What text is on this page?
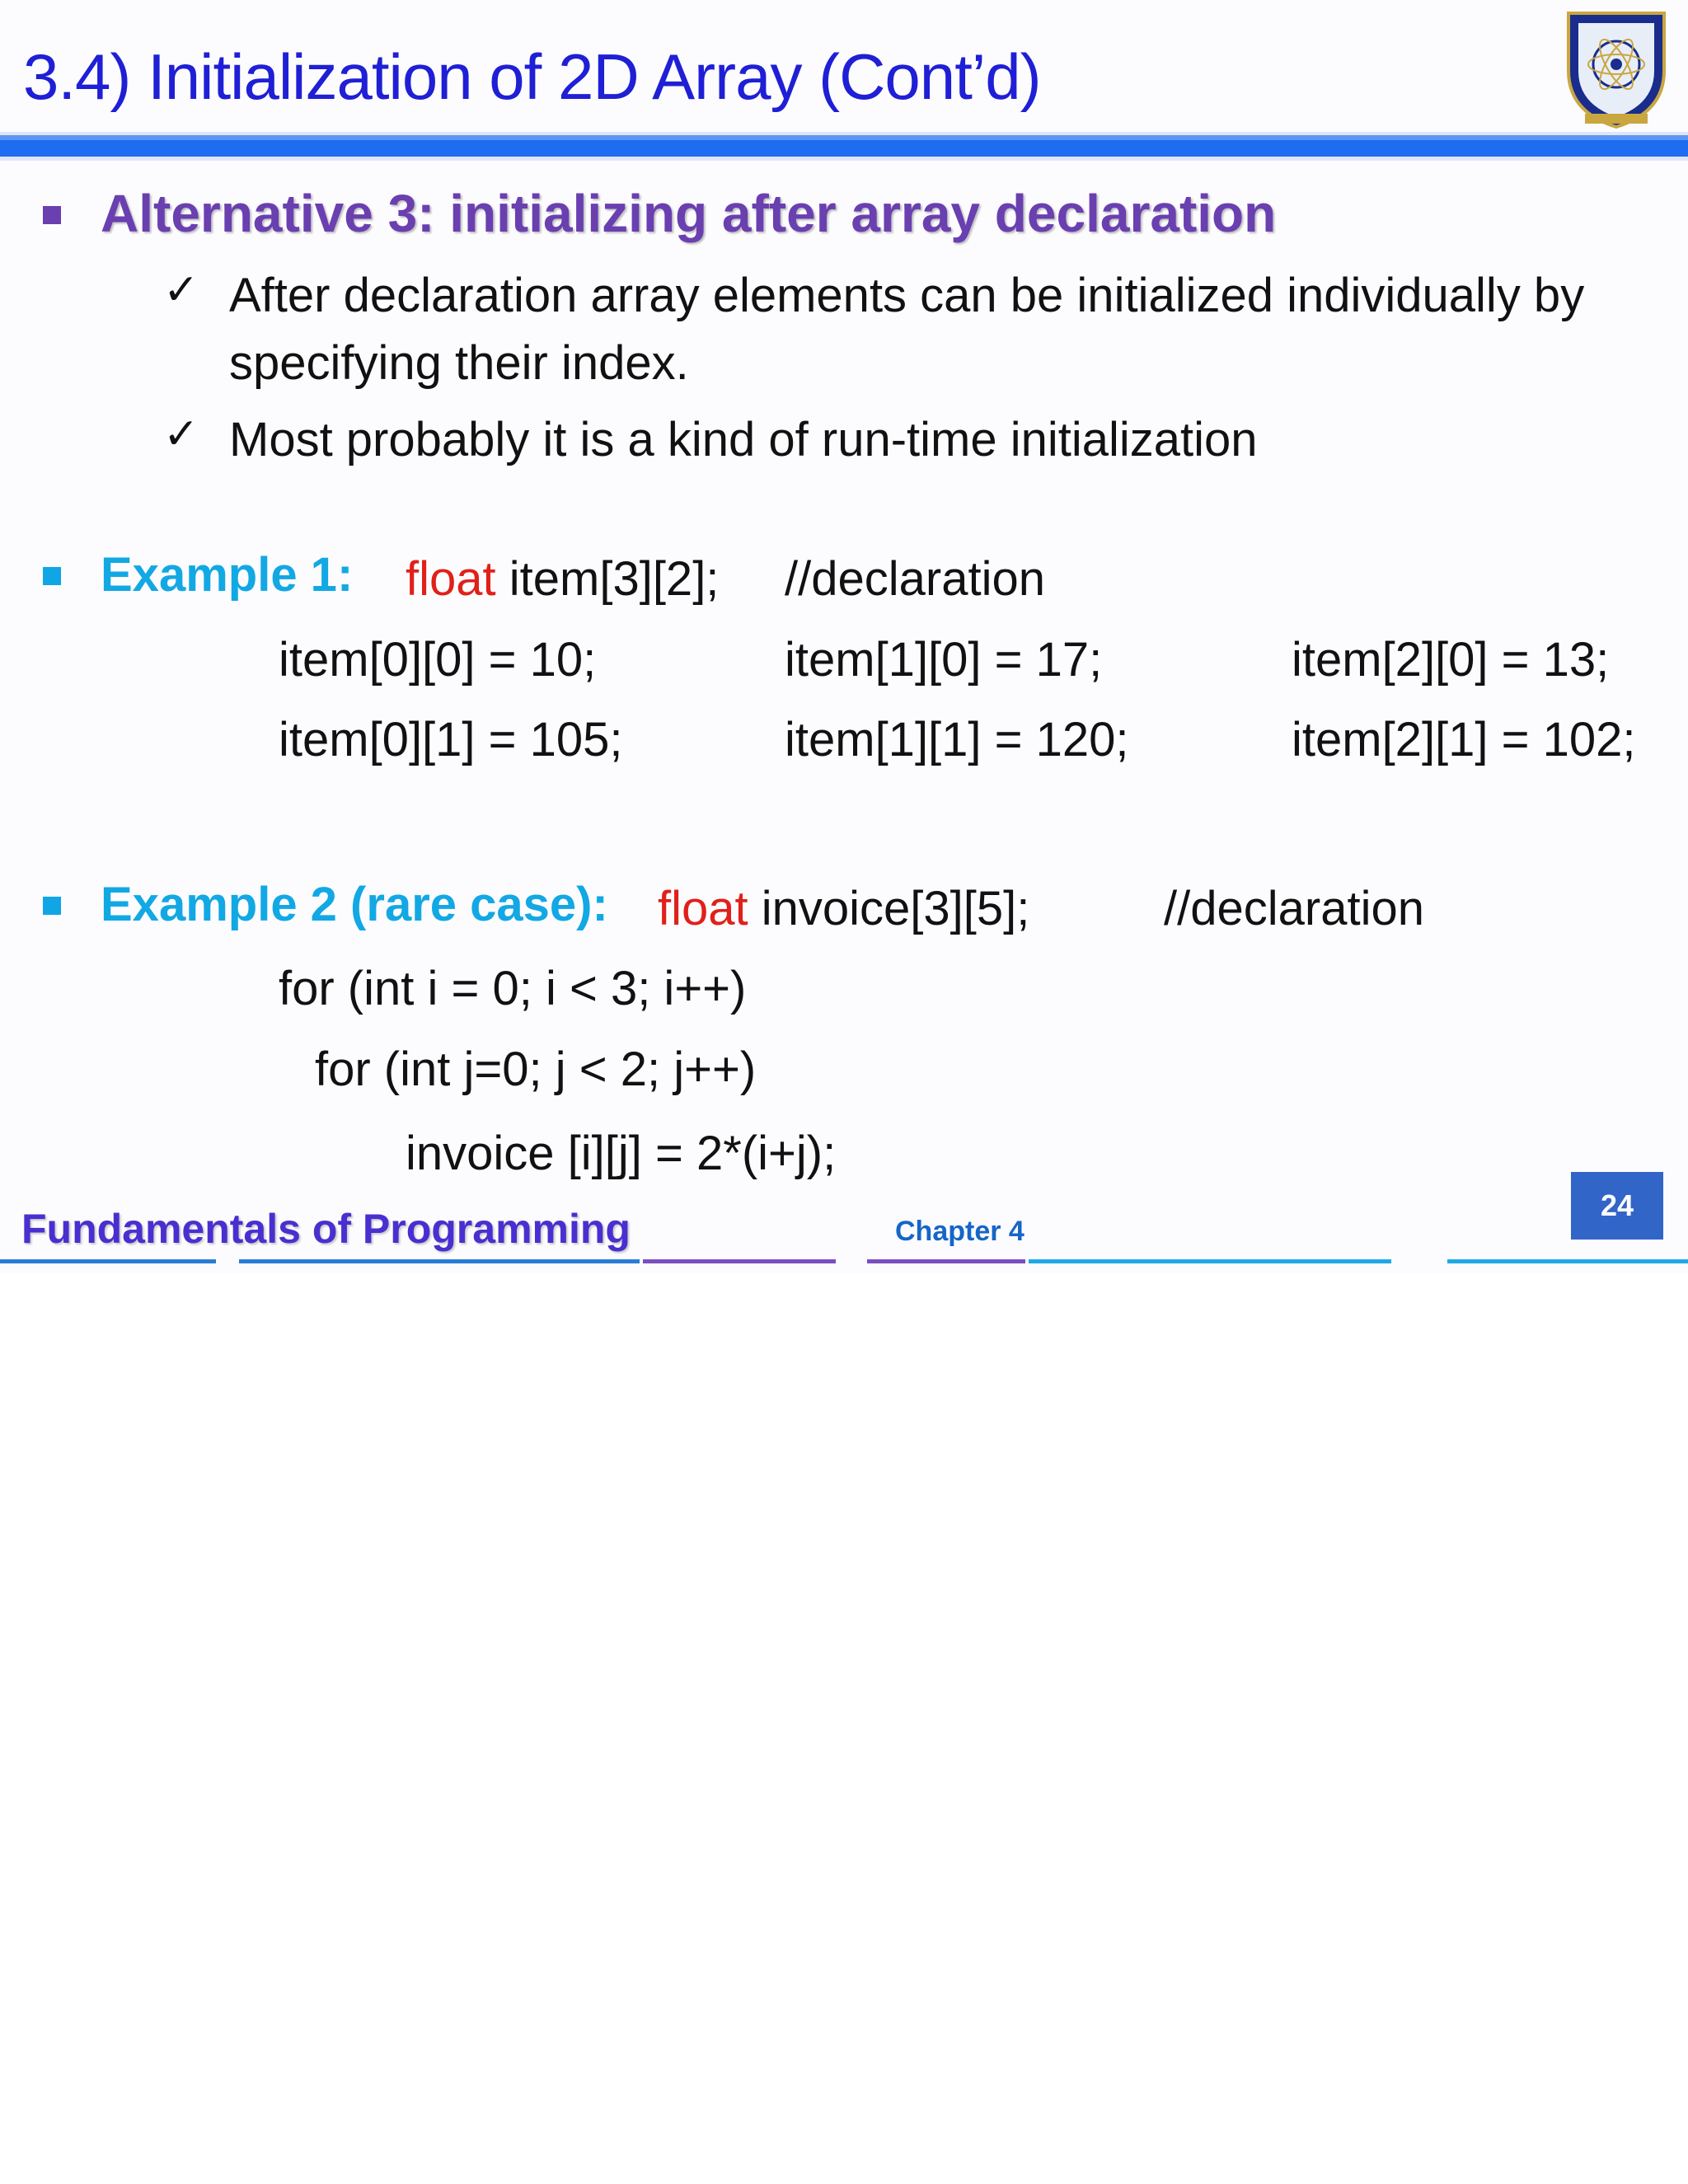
3.4) Initialization of 2D Array (Cont’d)
Alternative 3: initializing after array declaration
✓ After declaration array elements can be initialized individually by specifying their index.

✓ Most probably it is a kind of run-time initialization

Example 1: float item[3][2]; //declaration
item[0][0] = 10;	item[1][0] = 17;	item[2][0] = 13;
item[0][1] = 105;	item[1][1] = 120;	item[2][1] = 102;
Example 2 (rare case): float invoice[3][5];	//declaration
for (int i = 0; i < 3; i++)
for (int j=0; j < 2; j++)
invoice [i][j] = 2*(i+j);
Fundamentals of Programming	Chapter 4
24
